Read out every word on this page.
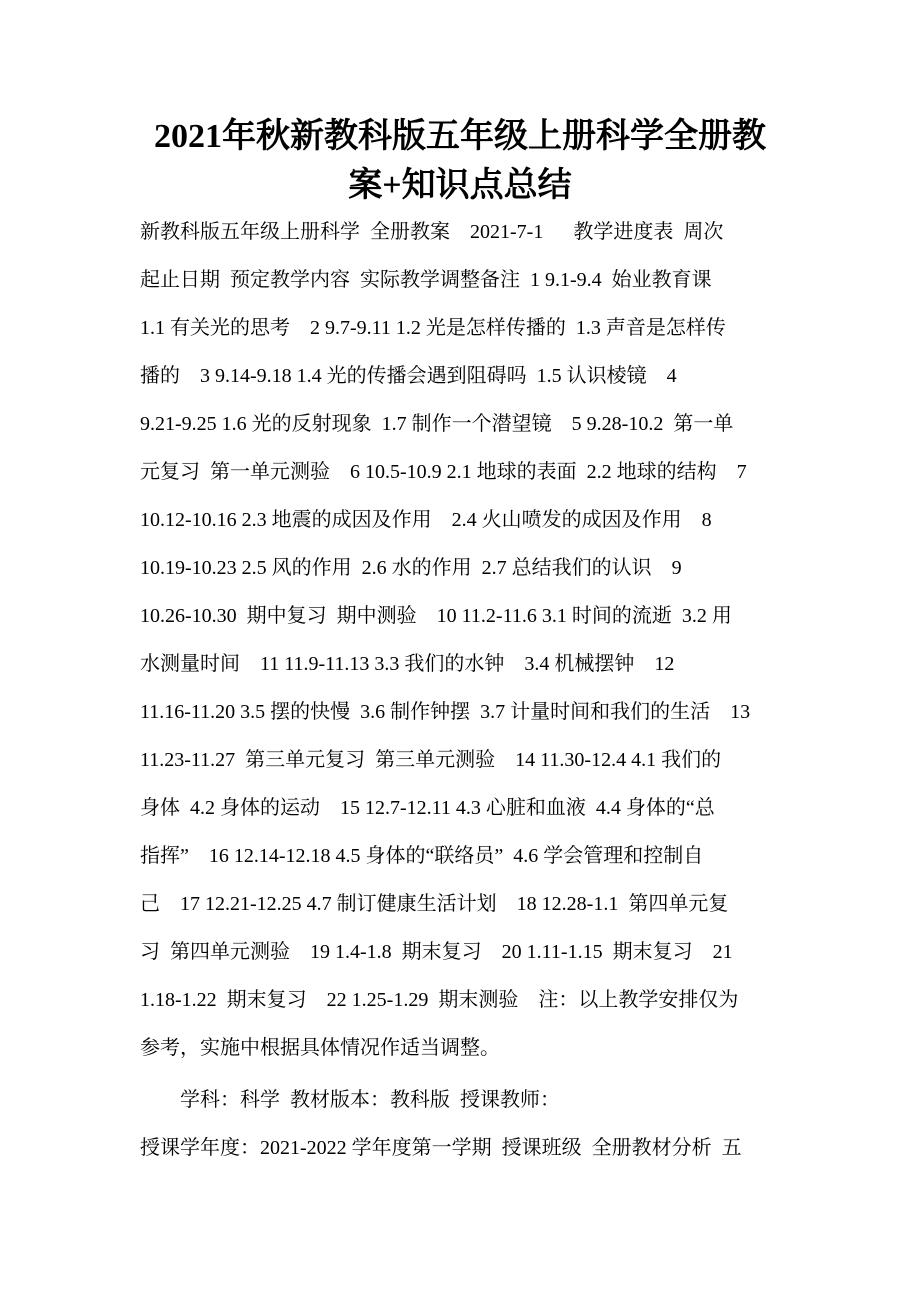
2021年秋新教科版五年级上册科学全册教
案+知识点总结

新教科版五年级上册科学  全册教案    2021-7-1      教学进度表  周次

起止日期  预定教学内容  实际教学调整备注  1 9.1-9.4  始业教育课

1.1 有关光的思考    2 9.7-9.11 1.2 光是怎样传播的  1.3 声音是怎样传

播的    3 9.14-9.18 1.4 光的传播会遇到阻碍吗  1.5 认识棱镜    4

9.21-9.25 1.6 光的反射现象  1.7 制作一个潜望镜    5 9.28-10.2  第一单

元复习  第一单元测验    6 10.5-10.9 2.1 地球的表面  2.2 地球的结构    7

10.12-10.16 2.3 地震的成因及作用    2.4 火山喷发的成因及作用    8

10.19-10.23 2.5 风的作用  2.6 水的作用  2.7 总结我们的认识    9

10.26-10.30  期中复习  期中测验    10 11.2-11.6 3.1 时间的流逝  3.2 用

水测量时间    11 11.9-11.13 3.3 我们的水钟    3.4 机械摆钟    12

11.16-11.20 3.5 摆的快慢  3.6 制作钟摆  3.7 计量时间和我们的生活    13

11.23-11.27  第三单元复习  第三单元测验    14 11.30-12.4 4.1 我们的

身体  4.2 身体的运动    15 12.7-12.11 4.3 心脏和血液  4.4 身体的“总

指挥”    16 12.14-12.18 4.5 身体的“联络员”  4.6 学会管理和控制自

己    17 12.21-12.25 4.7 制订健康生活计划    18 12.28-1.1  第四单元复

习  第四单元测验    19 1.4-1.8  期末复习    20 1.11-1.15  期末复习    21

1.18-1.22  期末复习    22 1.25-1.29  期末测验    注：以上教学安排仅为

参考，实施中根据具体情况作适当调整。

学科：科学  教材版本：教科版  授课教师：

授课学年度：2021-2022 学年度第一学期  授课班级  全册教材分析  五
